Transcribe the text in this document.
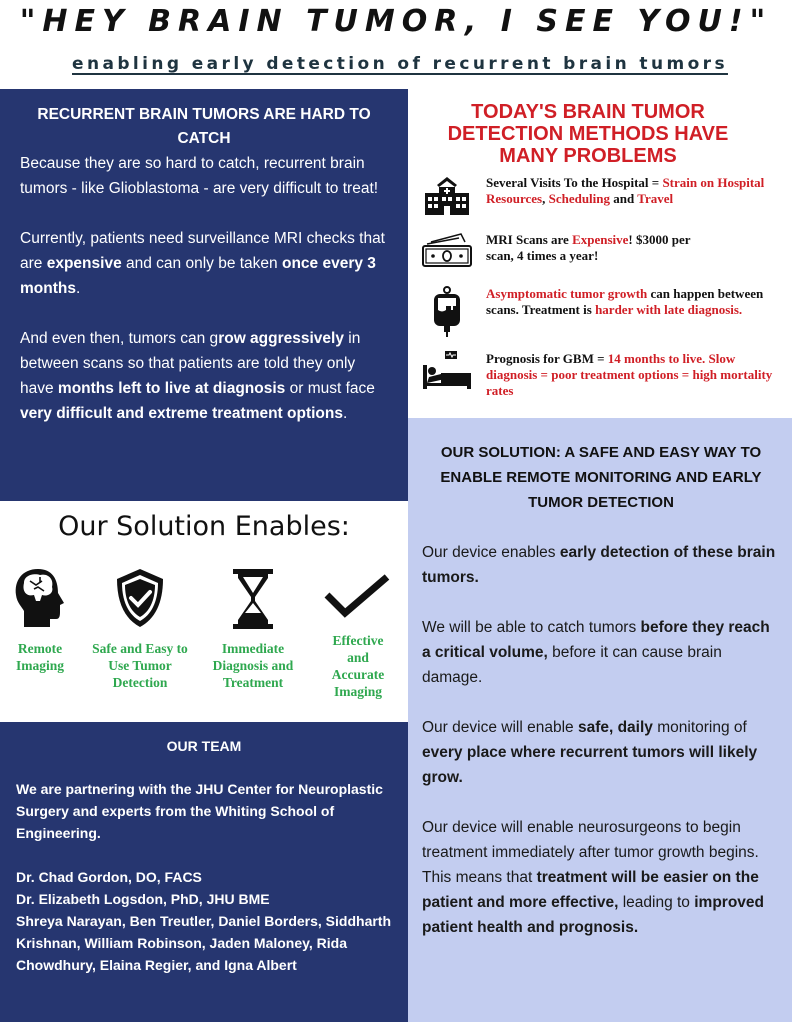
"HEY BRAIN TUMOR, I SEE YOU!"
enabling early detection of recurrent brain tumors
RECURRENT BRAIN TUMORS ARE HARD TO CATCH

Because they are so hard to catch, recurrent brain tumors - like Glioblastoma - are very difficult to treat!

Currently, patients need surveillance MRI checks that are expensive and can only be taken once every 3 months.

And even then, tumors can grow aggressively in between scans so that patients are told they only have months left to live at diagnosis or must face very difficult and extreme treatment options.

TODAY'S BRAIN TUMOR DETECTION METHODS HAVE MANY PROBLEMS
Several Visits To the Hospital = Strain on Hospital Resources, Scheduling and Travel
MRI Scans are Expensive! $3000 per scan, 4 times a year!
Asymptomatic tumor growth can happen between scans. Treatment is harder with late diagnosis.
Prognosis for GBM = 14 months to live. Slow diagnosis = poor treatment options = high mortality rates
OUR SOLUTION: A SAFE AND EASY WAY TO ENABLE REMOTE MONITORING AND EARLY TUMOR DETECTION

Our device enables early detection of these brain tumors.

We will be able to catch tumors before they reach a critical volume, before it can cause brain damage.

Our device will enable safe, daily monitoring of every place where recurrent tumors will likely grow.

Our device will enable neurosurgeons to begin treatment immediately after tumor growth begins. This means that treatment will be easier on the patient and more effective, leading to improved patient health and prognosis.

Our Solution Enables:
Remote Imaging
Safe and Easy to Use Tumor Detection
Immediate Diagnosis and Treatment
Effective and Accurate Imaging
OUR TEAM

We are partnering with the JHU Center for Neuroplastic Surgery and experts from the Whiting School of Engineering.

Dr. Chad Gordon, DO, FACS
Dr. Elizabeth Logsdon, PhD, JHU BME
Shreya Narayan, Ben Treutler, Daniel Borders, Siddharth Krishnan, William Robinson, Jaden Maloney, Rida Chowdhury, Elaina Regier, and Igna Albert
